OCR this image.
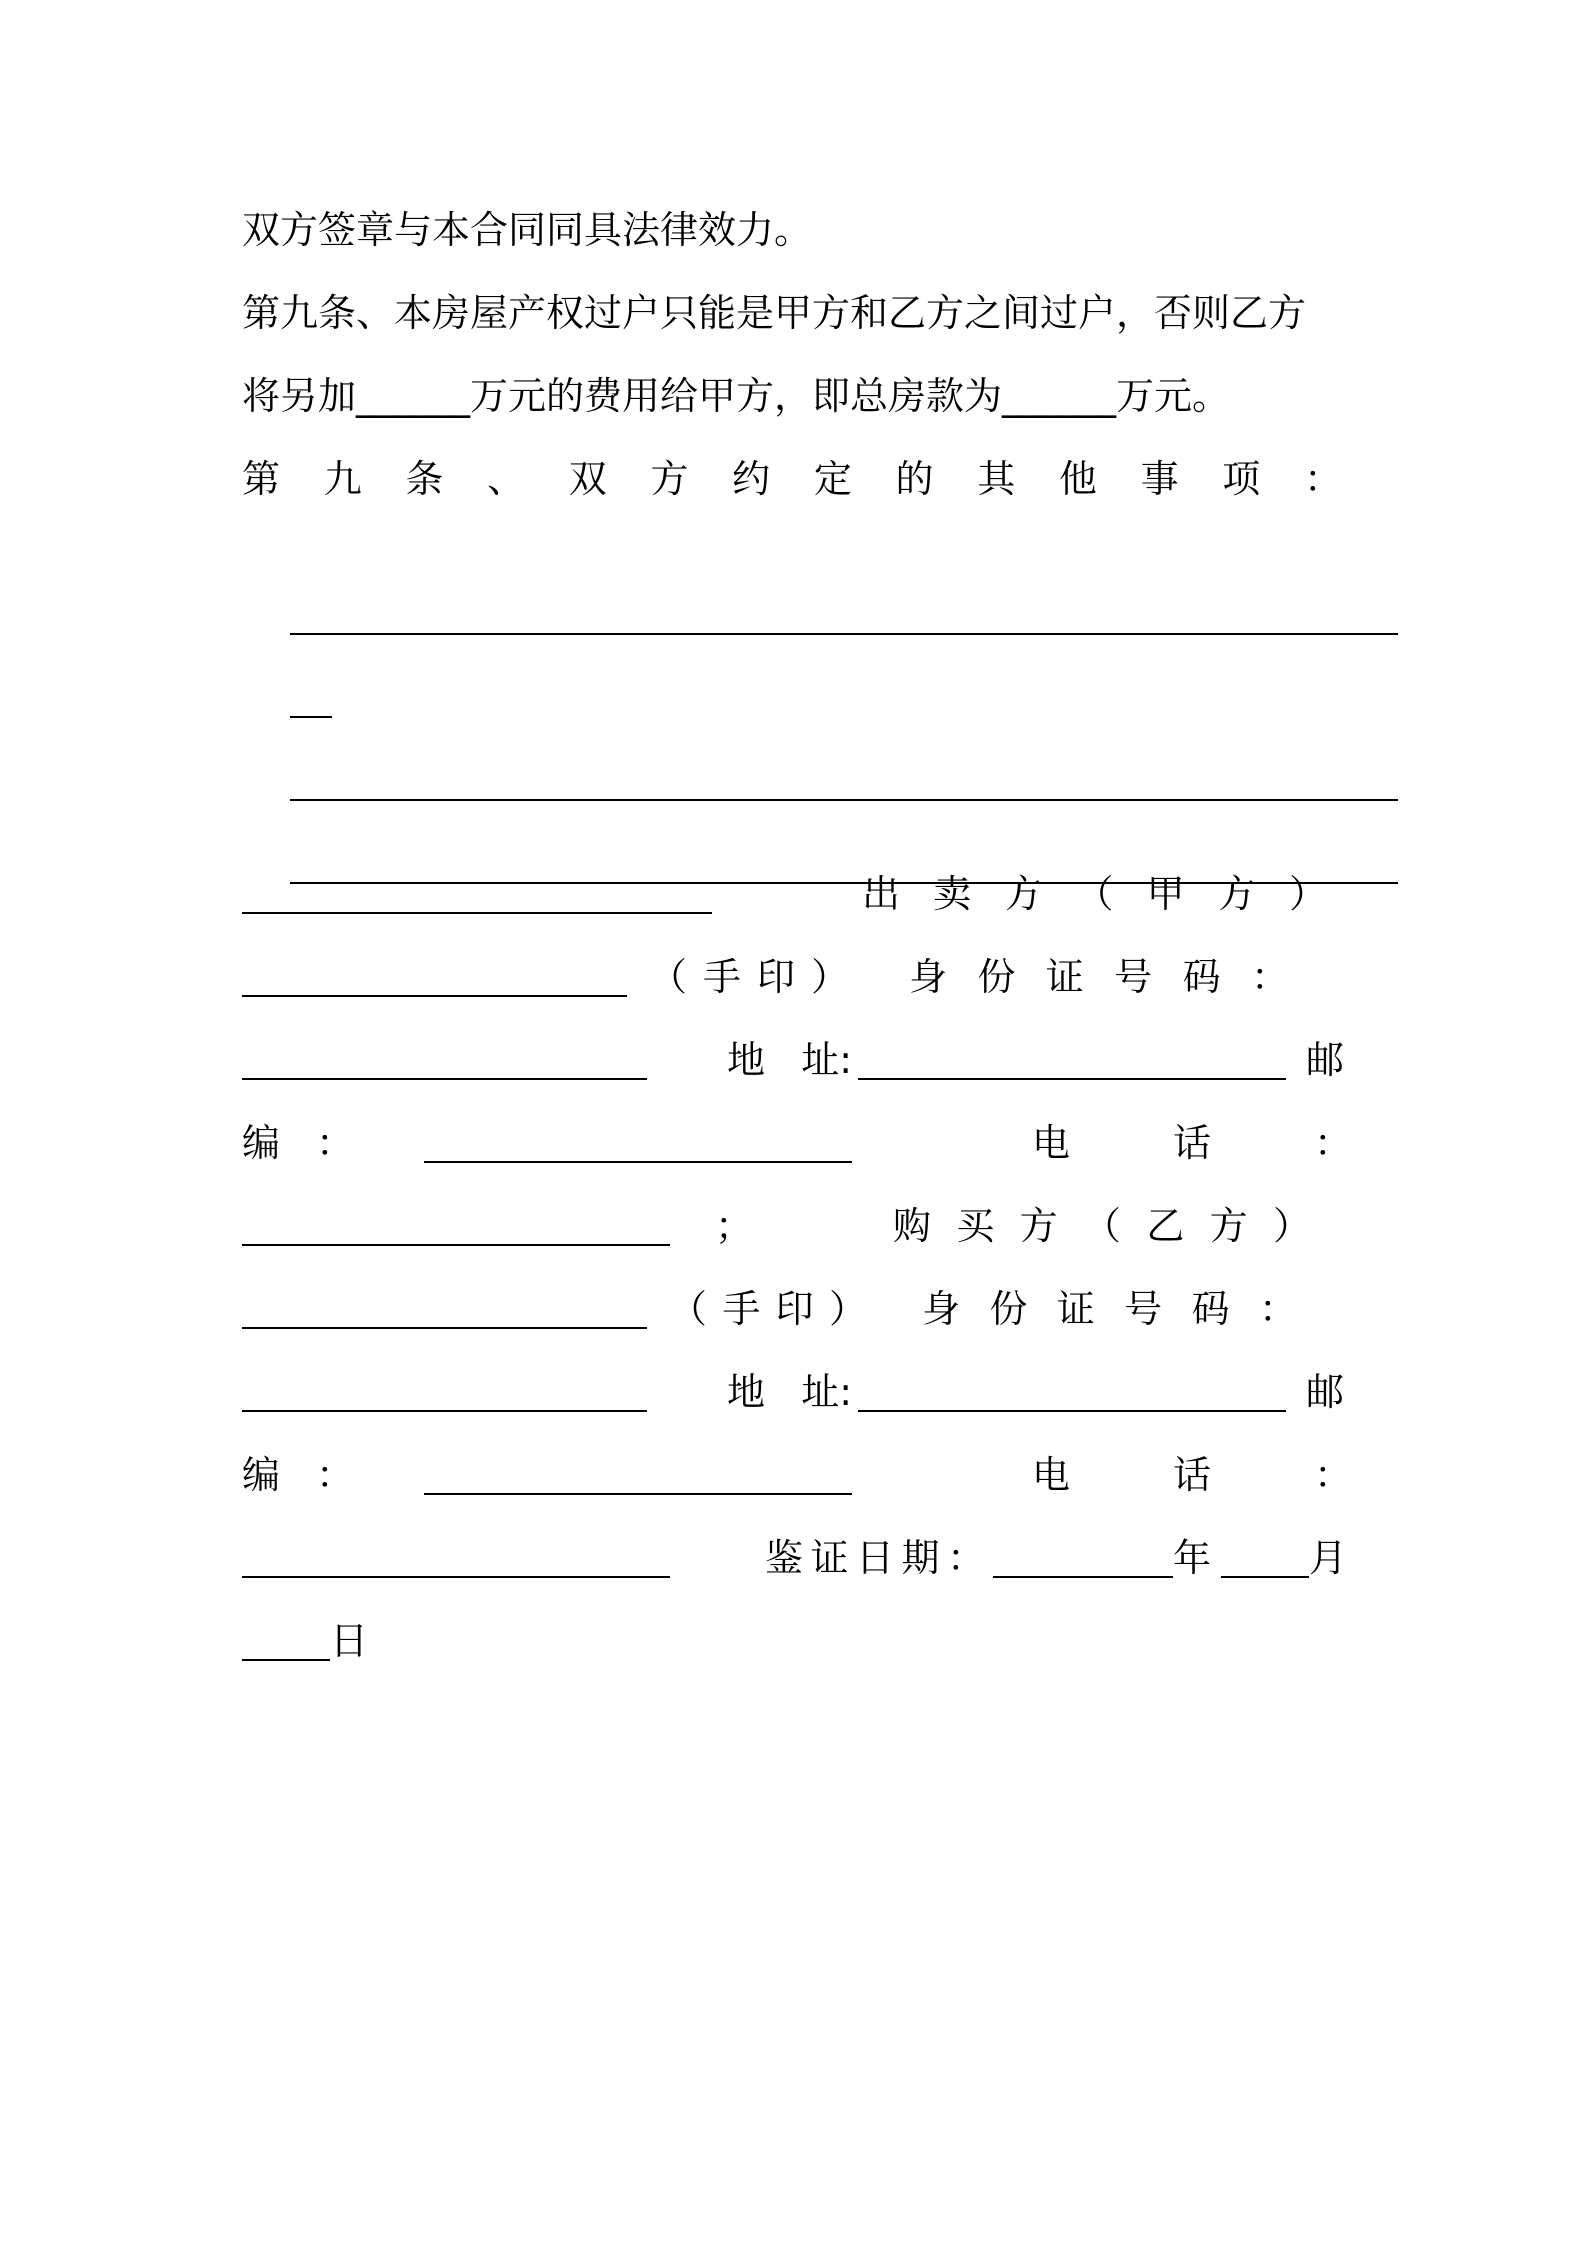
双方签章与本合同同具法律效力。
第九条、本房屋产权过户只能是甲方和乙方之间过户，否则乙方
将另加 ______ 万元的费用给甲方，即总房款为 ______ 万元。
第 九 条 、 双 方 约 定 的 其 他 事 项 ：

出 卖 方 （ 甲 方 ）
（ 手 印 ） 身 份 证 号 码 ：
地 址:	邮
编 ：	电	话	：
；	购 买 方 （ 乙 方 ）
（ 手 印 ） 身 份 证 号 码 ：
地 址:	邮
编 ：	电	话	：
鉴 证 日 期 ：	年	月
日
